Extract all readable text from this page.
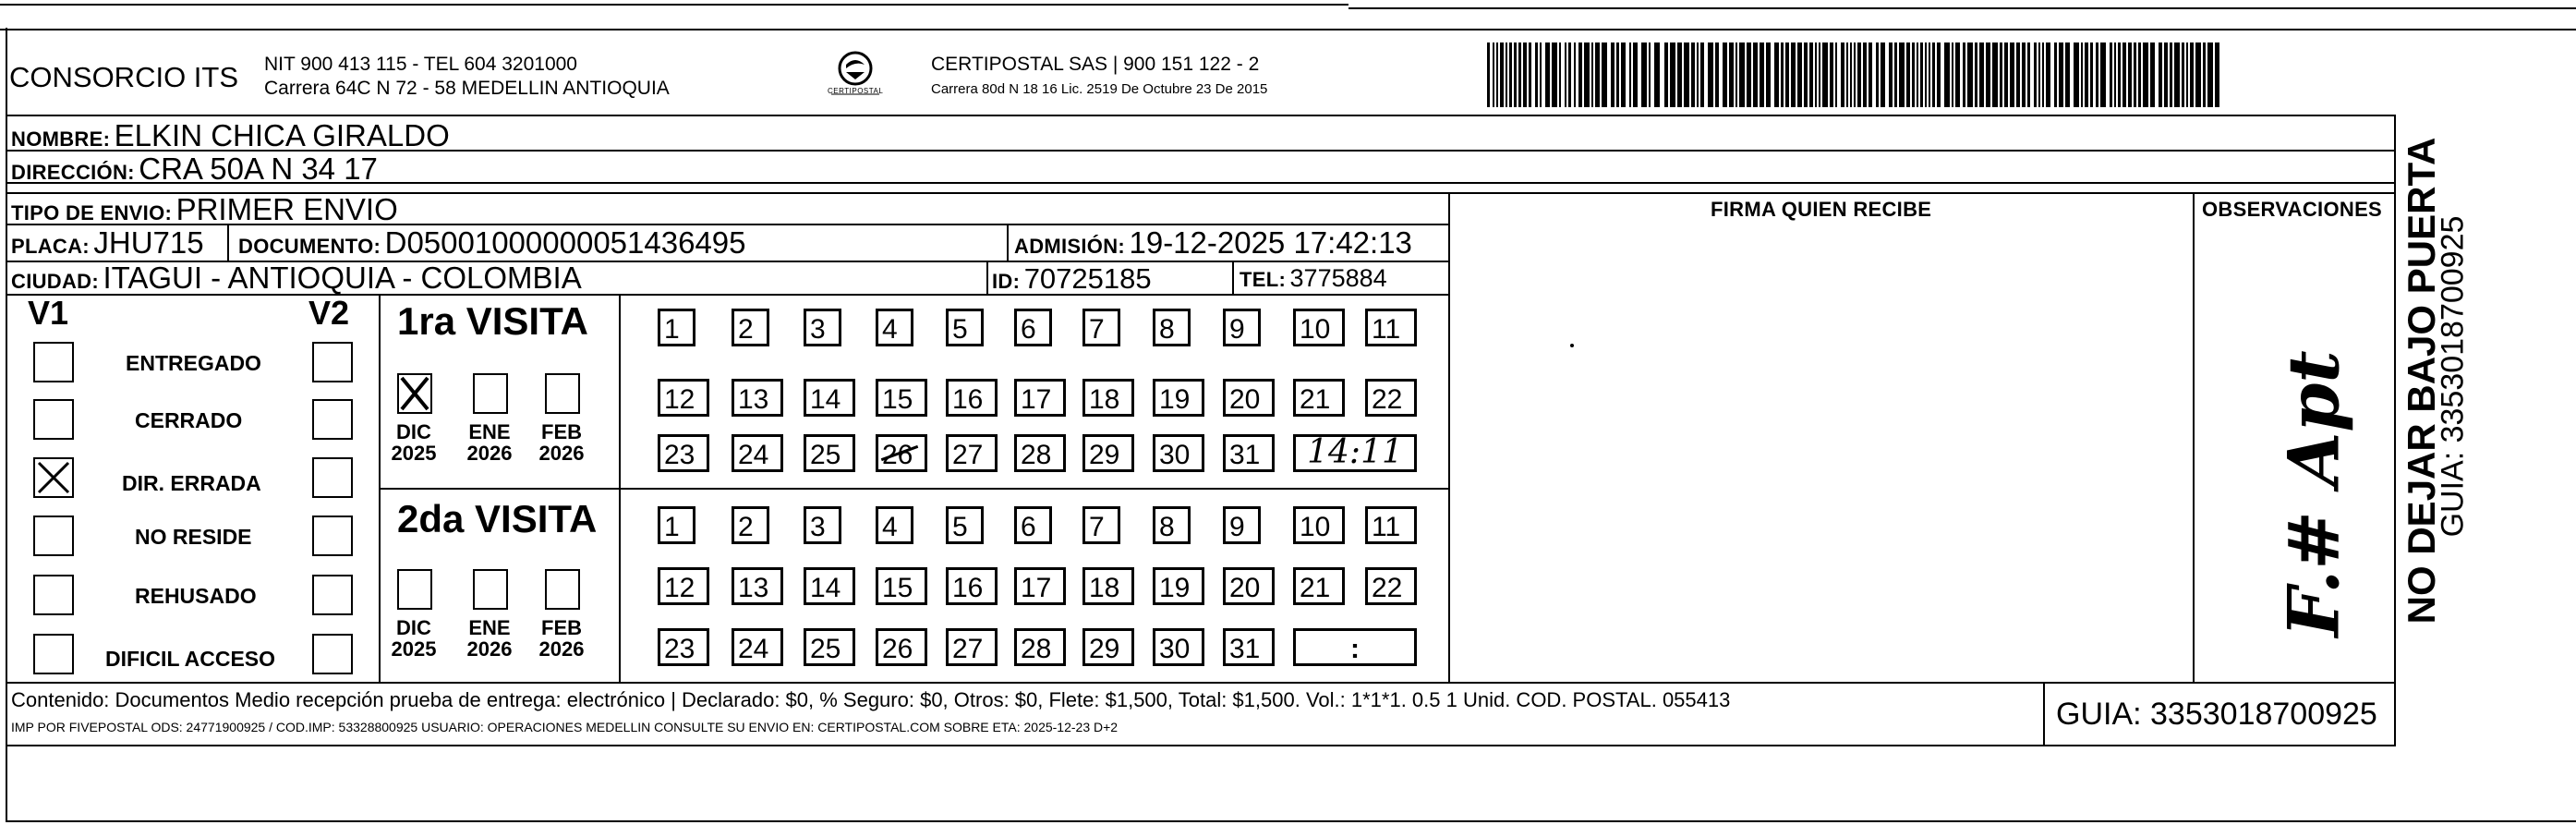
CONSORCIO ITS NIT 900 413 115 - TEL 604 3201000
Carrera 64C N 72 - 58 MEDELLIN ANTIOQUIA	CERTIPOSTAL
CERTIPOSTAL SAS | 900 151 122 - 2
Carrera 80d N 18 16 Lic. 2519 De Octubre 23 De 2015
NOMBRE: ELKIN CHICA GIRALDO
DIRECCIÓN: CRA 50A N 34 17
TIPO DE ENVIO: PRIMER ENVIO
PLACA: JHU715 DOCUMENTO: D05001000000051436495	ADMISIÓN: 19-12-2025 17:42:13
CIUDAD: ITAGUI - ANTIOQUIA - COLOMBIA	ID: 70725185	TEL: 3775884
FIRMA QUIEN RECIBE	OBSERVACIONES
V1	V2
ENTREGADO
CERRADO
DIR. ERRADA
NO RESIDE
REHUSADO
DIFICIL ACCESO
1ra VISITA
2da VISITA
DIC
2025
ENE
2026
FEB
2026
DIC
2025
ENE
2026
FEB
2026
1 2 3 4 5 6 7 8 9 10 11
12 13 14 15 16 17 18 19 20 21 22
23 24 25 26 27 28 29 30 31 14:11
1 2 3 4 5 6 7 8 9 10 11
12 13 14 15 16 17 18 19 20 21 22
23 24 25 26 27 28 29 30 31	:
F.# Apt
Contenido: Documentos Medio recepción prueba de entrega: electrónico | Declarado: $0, % Seguro: $0, Otros: $0, Flete: $1,500, Total: $1,500. Vol.: 1*1*1. 0.5 1 Unid. COD. POSTAL. 055413
IMP POR FIVEPOSTAL ODS: 24771900925 / COD.IMP: 53328800925 USUARIO: OPERACIONES MEDELLIN CONSULTE SU ENVIO EN: CERTIPOSTAL.COM SOBRE ETA: 2025-12-23 D+2	GUIA: 3353018700925
NO DEJAR BAJO PUERTA
GUIA: 3353018700925
